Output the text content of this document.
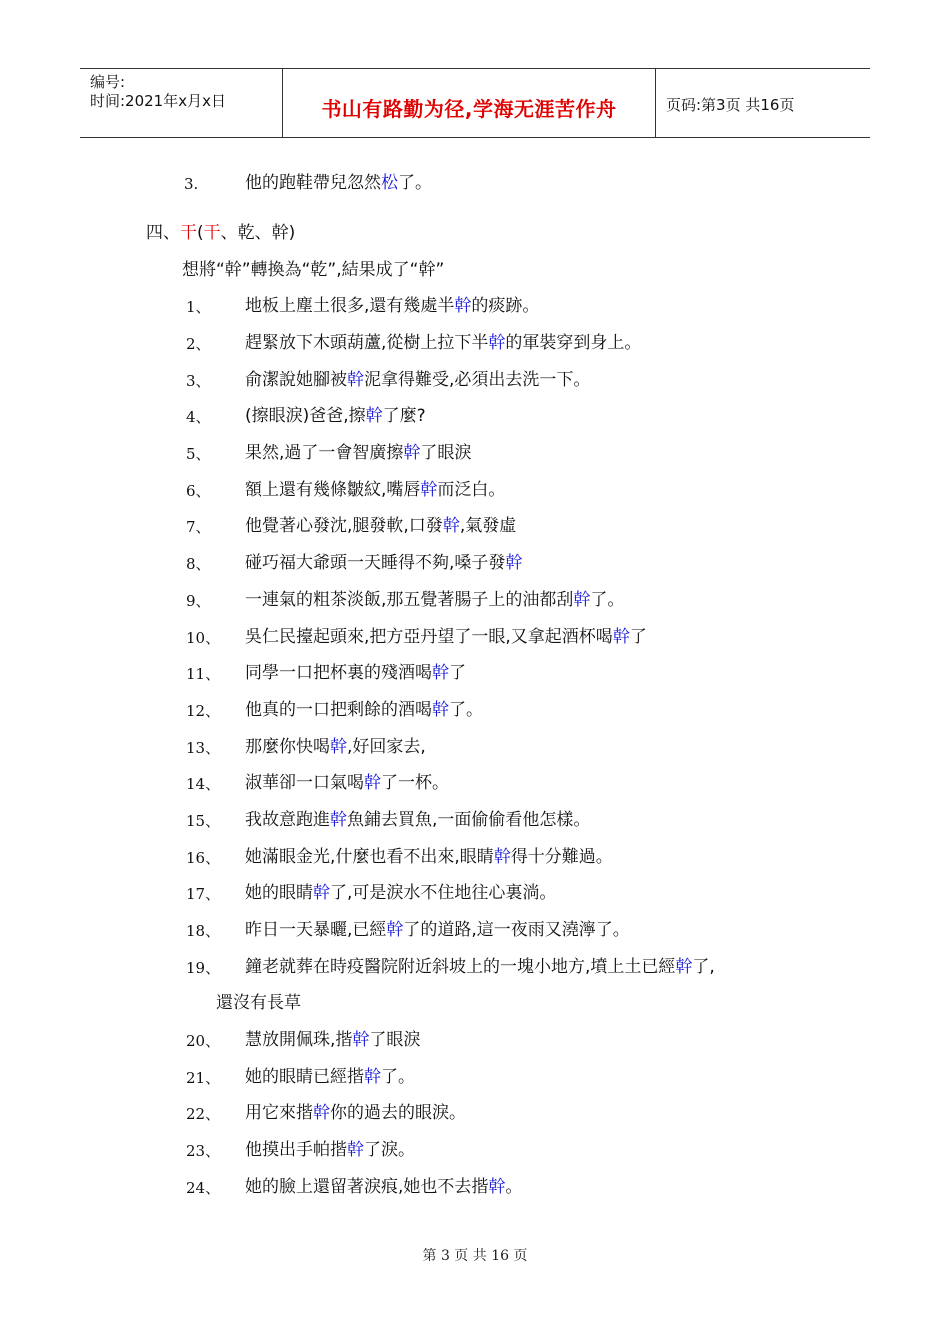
编号:
时间:2021年x月x日	书山有路勤为径,学海无涯苦作舟	页码:第3页 共16页
3.	他的跑鞋帶兒忽然松了。
四、干(干、乾、幹)
想將“幹”轉換為“乾”,結果成了“幹”
1、 地板上塵土很多,還有幾處半幹的痰跡。
2、 趕緊放下木頭葫蘆,從樹上拉下半幹的軍裝穿到身上。
3、 俞潔說她腳被幹泥拿得難受,必須出去洗一下。
4、 (擦眼淚)爸爸,擦幹了麼?
5、 果然,過了一會智廣擦幹了眼淚
6、 額上還有幾條皺紋,嘴唇幹而泛白。
7、 他覺著心發沈,腿發軟,口發幹,氣發虛
8、 碰巧福大爺頭一天睡得不夠,嗓子發幹
9、 一連氣的粗茶淡飯,那五覺著腸子上的油都刮幹了。
10、 吳仁民擡起頭來,把方亞丹望了一眼,又拿起酒杯喝幹了
11、 同學一口把杯裏的殘酒喝幹了
12、 他真的一口把剩餘的酒喝幹了。
13、 那麼你快喝幹,好回家去,
14、 淑華卻一口氣喝幹了一杯。
15、 我故意跑進幹魚鋪去買魚,一面偷偷看他怎樣。
16、 她滿眼金光,什麼也看不出來,眼睛幹得十分難過。
17、 她的眼睛幹了,可是淚水不住地往心裏淌。
18、 昨日一天暴曬,已經幹了的道路,這一夜雨又澆濘了。
19、 鐘老就葬在時疫醫院附近斜坡上的一塊小地方,墳上土已經幹了,
還沒有長草
20、 慧放開佩珠,揩幹了眼淚
21、 她的眼睛已經揩幹了。
22、 用它來揩幹你的過去的眼淚。
23、 他摸出手帕揩幹了淚。
24、 她的臉上還留著淚痕,她也不去揩幹。
第 3 页 共 16 页
